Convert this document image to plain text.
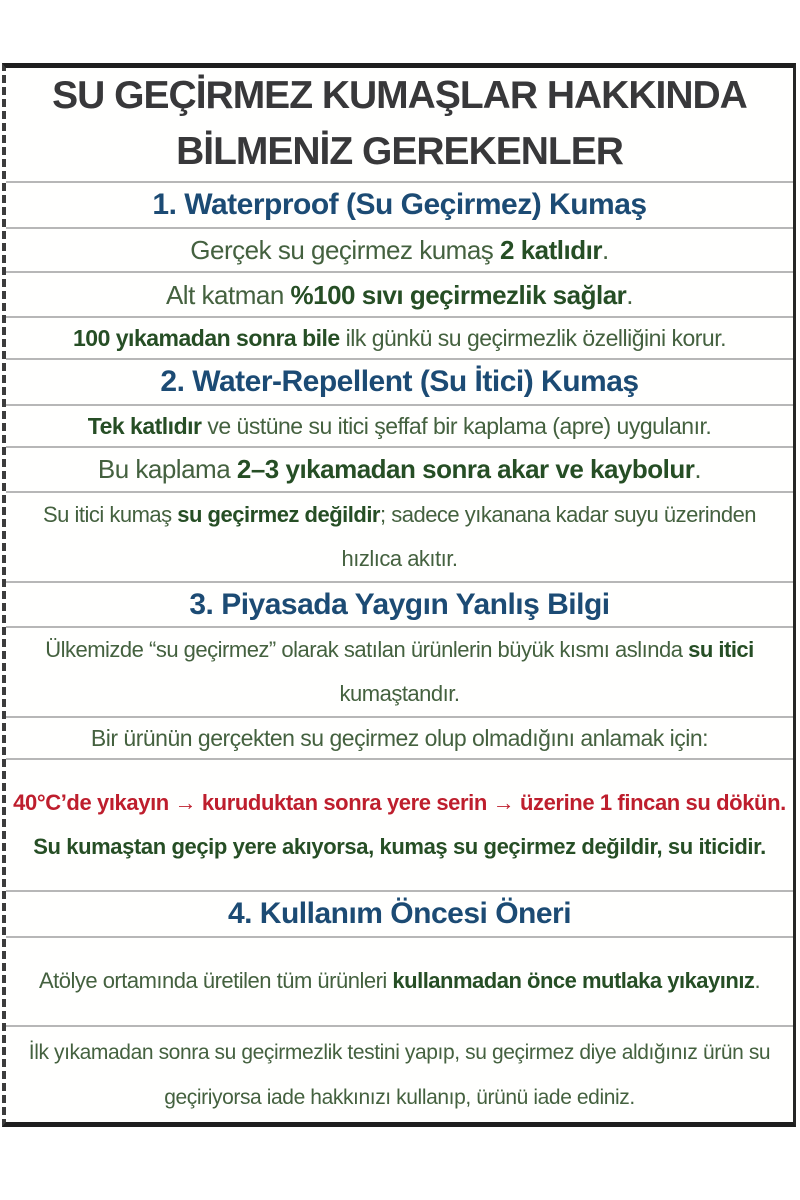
SU GEÇİRMEZ KUMAŞLAR HAKKINDA BİLMENİZ GEREKENLER
1. Waterproof (Su Geçirmez) Kumaş
Gerçek su geçirmez kumaş 2 katlıdır.
Alt katman %100 sıvı geçirmezlik sağlar.
100 yıkamadan sonra bile ilk günkü su geçirmezlik özelliğini korur.
2. Water-Repellent (Su İtici) Kumaş
Tek katlıdır ve üstüne su itici şeffaf bir kaplama (apre) uygulanır.
Bu kaplama 2–3 yıkamadan sonra akar ve kaybolur.
Su itici kumaş su geçirmez değildir; sadece yıkanana kadar suyu üzerinden hızlıca akıtır.
3. Piyasada Yaygın Yanlış Bilgi
Ülkemizde “su geçirmez” olarak satılan ürünlerin büyük kısmı aslında su itici kumaştandır.
Bir ürünün gerçekten su geçirmez olup olmadığını anlamak için:
40°C’de yıkayın → kuruduktan sonra yere serin → üzerine 1 fincan su dökün. Su kumaştan geçip yere akıyorsa, kumaş su geçirmez değildir, su iticidir.
4. Kullanım Öncesi Öneri
Atölye ortamında üretilen tüm ürünleri kullanmadan önce mutlaka yıkayınız.
İlk yıkamadan sonra su geçirmezlik testini yapıp, su geçirmez diye aldığınız ürün su geçiriyorsa iade hakkınızı kullanıp, ürünü iade ediniz.
